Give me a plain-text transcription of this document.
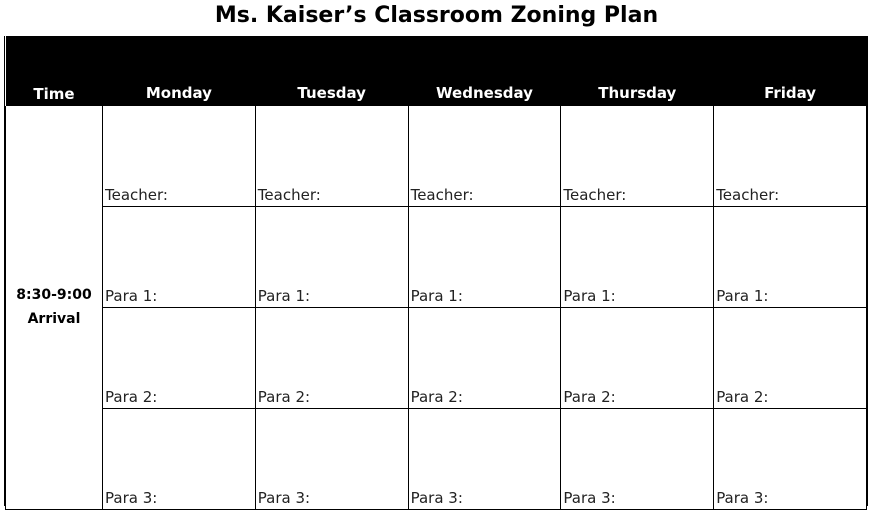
Ms. Kaiser’s Classroom Zoning Plan
Time	Monday	Tuesday	Wednesday	Thursday	Friday

8:30-9:00
Arrival	Teacher:	Teacher:	Teacher:	Teacher:	Teacher:
	Para 1:	Para 1:	Para 1:	Para 1:	Para 1:
	Para 2:	Para 2:	Para 2:	Para 2:	Para 2:
	Para 3:	Para 3:	Para 3:	Para 3:	Para 3:
